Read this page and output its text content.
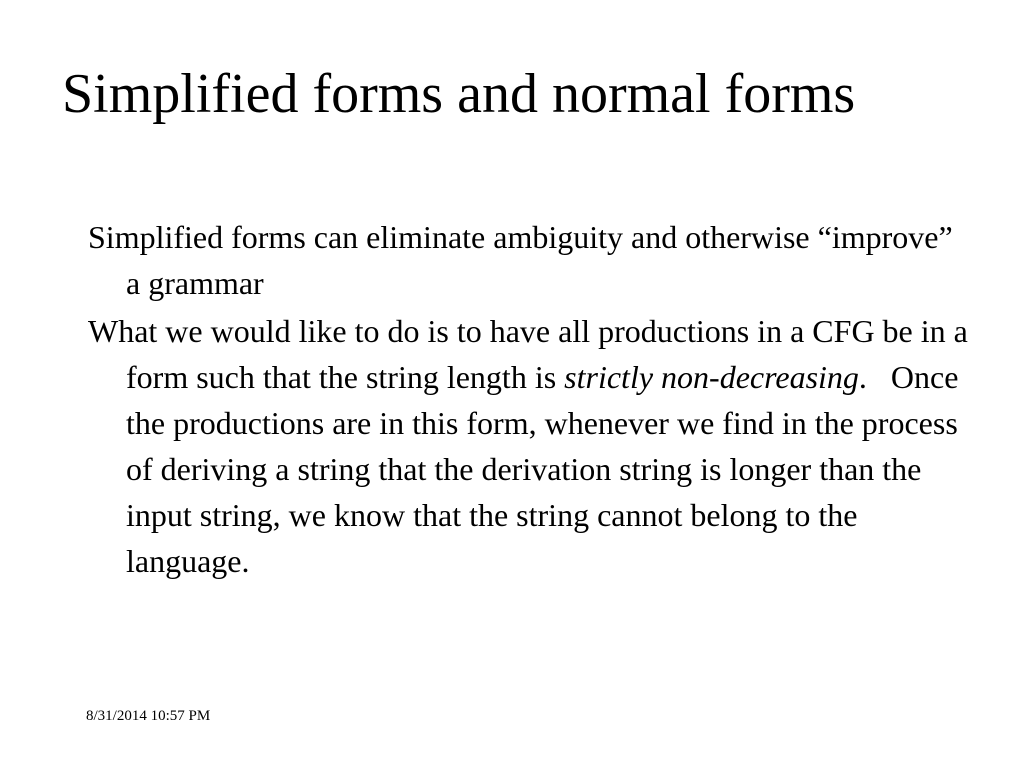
Simplified forms and normal forms

Simplified forms can eliminate ambiguity and otherwise “improve” a grammar

What we would like to do is to have all productions in a CFG be in a form such that the string length is strictly non-decreasing.   Once the productions are in this form, whenever we find in the process of deriving a string that the derivation string is longer than the input string, we know that the string cannot belong to the language.

8/31/2014 10:57 PM
